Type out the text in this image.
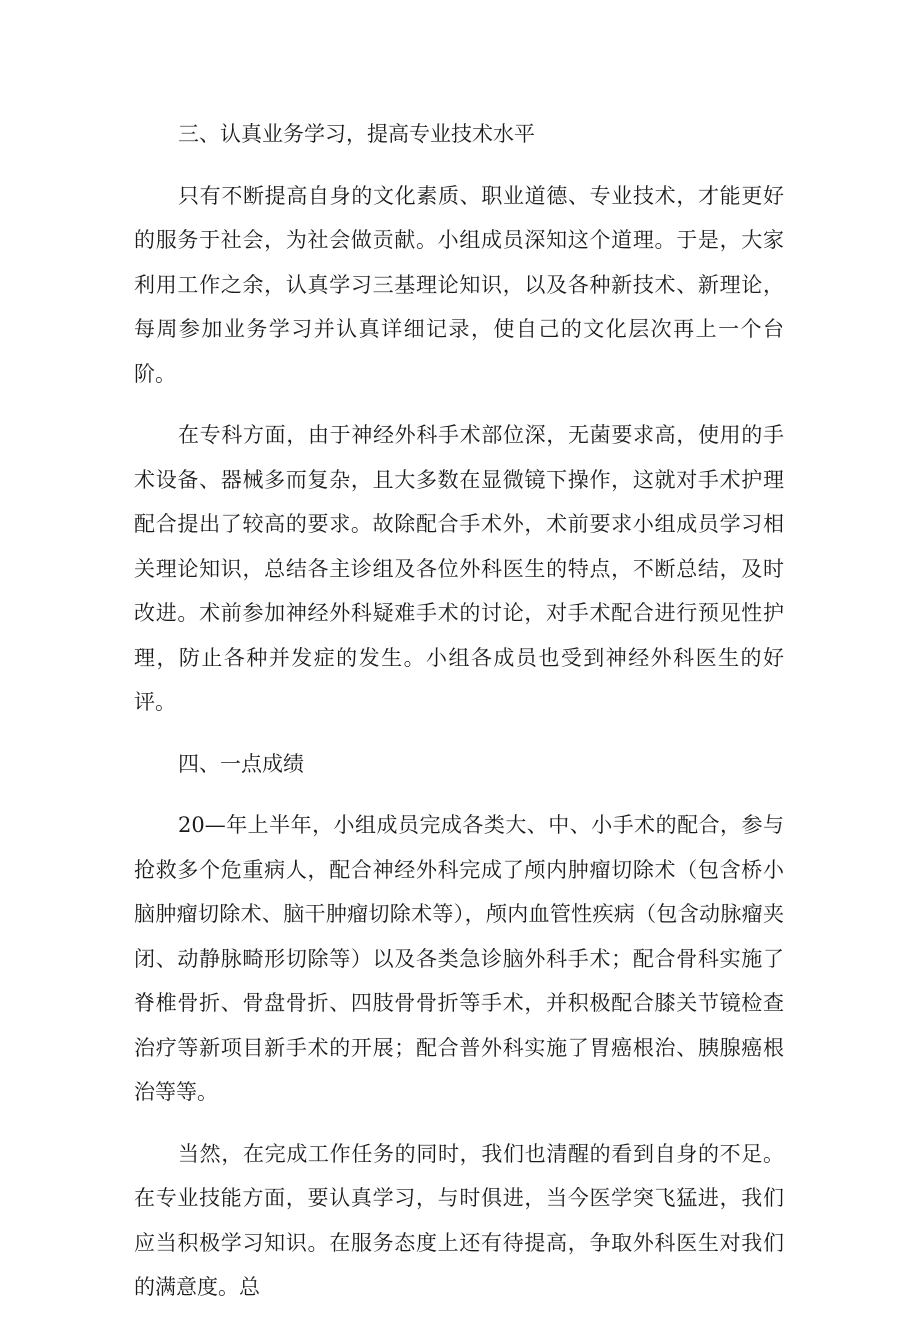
三、认真业务学习，提高专业技术水平

只有不断提高自身的文化素质、职业道德、专业技术，才能更好的服务于社会，为社会做贡献。小组成员深知这个道理。于是，大家利用工作之余，认真学习三基理论知识，以及各种新技术、新理论，每周参加业务学习并认真详细记录，使自己的文化层次再上一个台阶。

在专科方面，由于神经外科手术部位深，无菌要求高，使用的手术设备、器械多而复杂，且大多数在显微镜下操作，这就对手术护理配合提出了较高的要求。故除配合手术外，术前要求小组成员学习相关理论知识，总结各主诊组及各位外科医生的特点，不断总结，及时改进。术前参加神经外科疑难手术的讨论，对手术配合进行预见性护理，防止各种并发症的发生。小组各成员也受到神经外科医生的好评。

四、一点成绩

20—年上半年，小组成员完成各类大、中、小手术的配合，参与抢救多个危重病人，配合神经外科完成了颅内肿瘤切除术（包含桥小脑肿瘤切除术、脑干肿瘤切除术等），颅内血管性疾病（包含动脉瘤夹闭、动静脉畸形切除等）以及各类急诊脑外科手术；配合骨科实施了脊椎骨折、骨盘骨折、四肢骨骨折等手术，并积极配合膝关节镜检查治疗等新项目新手术的开展；配合普外科实施了胃癌根治、胰腺癌根治等等。

当然，在完成工作任务的同时，我们也清醒的看到自身的不足。在专业技能方面，要认真学习，与时俱进，当今医学突飞猛进，我们应当积极学习知识。在服务态度上还有待提高，争取外科医生对我们的满意度。总
